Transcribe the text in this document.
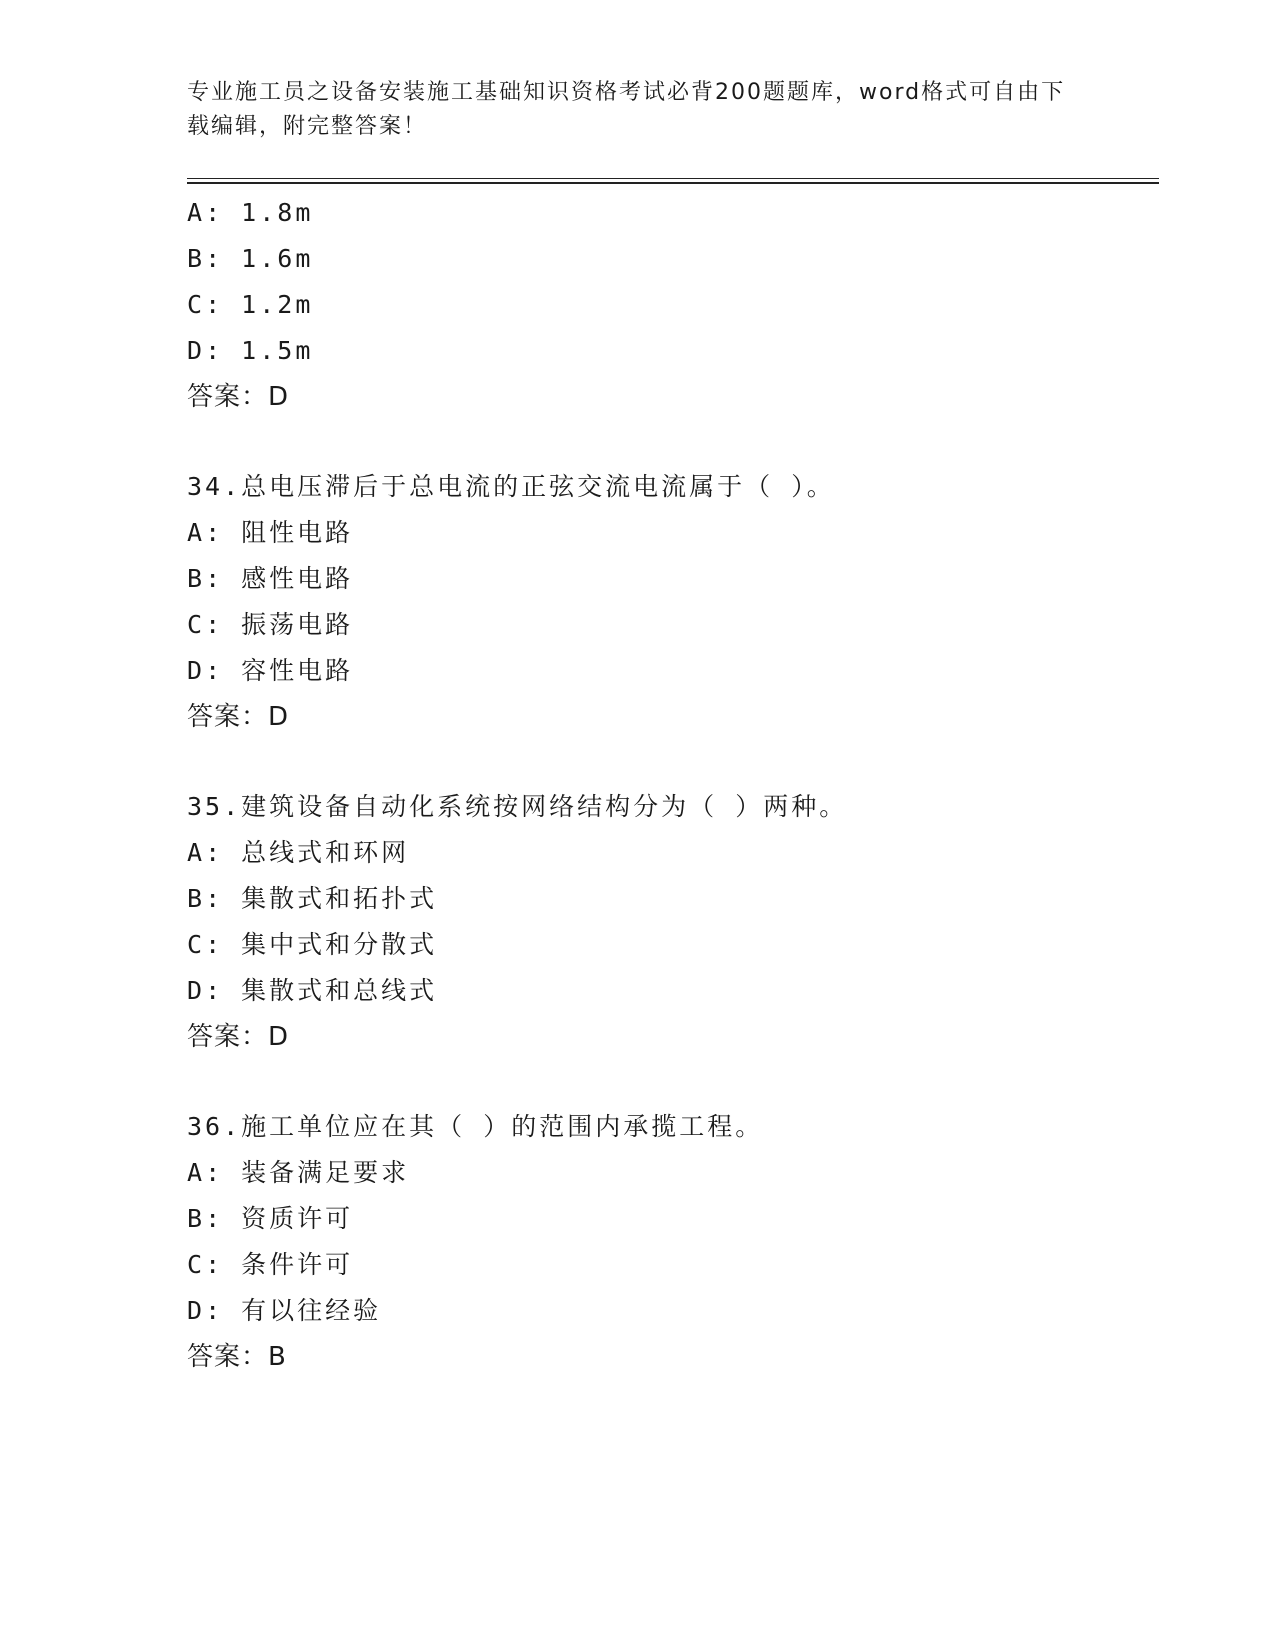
专业施工员之设备安装施工基础知识资格考试必背200题题库，word格式可自由下载编辑，附完整答案！
A: 1.8m
B: 1.6m
C: 1.2m
D: 1.5m
答案：D
34.总电压滞后于总电流的正弦交流电流属于（ ）。
A: 阻性电路
B: 感性电路
C: 振荡电路
D: 容性电路
答案：D
35.建筑设备自动化系统按网络结构分为（ ）两种。
A: 总线式和环网
B: 集散式和拓扑式
C: 集中式和分散式
D: 集散式和总线式
答案：D
36.施工单位应在其（ ）的范围内承揽工程。
A: 装备满足要求
B: 资质许可
C: 条件许可
D: 有以往经验
答案：B
